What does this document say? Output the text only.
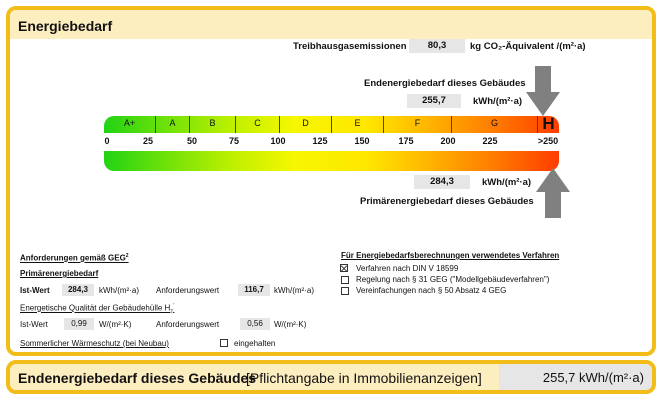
Energiebedarf
Treibhausgasemissionen	80,3	kg CO₂-Äquivalent /(m²·a)
Endenergiebedarf dieses Gebäudes
255,7	kWh/(m²·a)
A+	A	B	C	D	E	F	G	H
0	25	50	75	100	125	150	175	200	225	>250
284,3	kWh/(m²·a)
Primärenergiebedarf dieses Gebäudes
Anforderungen gemäß GEG$^2$
Primärenergiebedarf
Ist-Wert	284,3	kWh/(m²·a) Anforderungswert	116,7	kWh/(m²·a)
Energetische Qualität der Gebäudehülle $H_T'$
Ist-Wert	0,99	W/(m²·K)	Anforderungswert	0,56	W/(m²·K)
Sommerlicher Wärmeschutz (bei Neubau)	eingehalten
Für Energiebedarfsberechnungen verwendetes Verfahren
Verfahren nach DIN V 18599
Regelung nach § 31 GEG ("Modellgebäudeverfahren")
Vereinfachungen nach § 50 Absatz 4 GEG
Endenergiebedarf dieses Gebäudes
[Pflichtangabe in Immobilienanzeigen]	255,7 kWh/(m²·a)
